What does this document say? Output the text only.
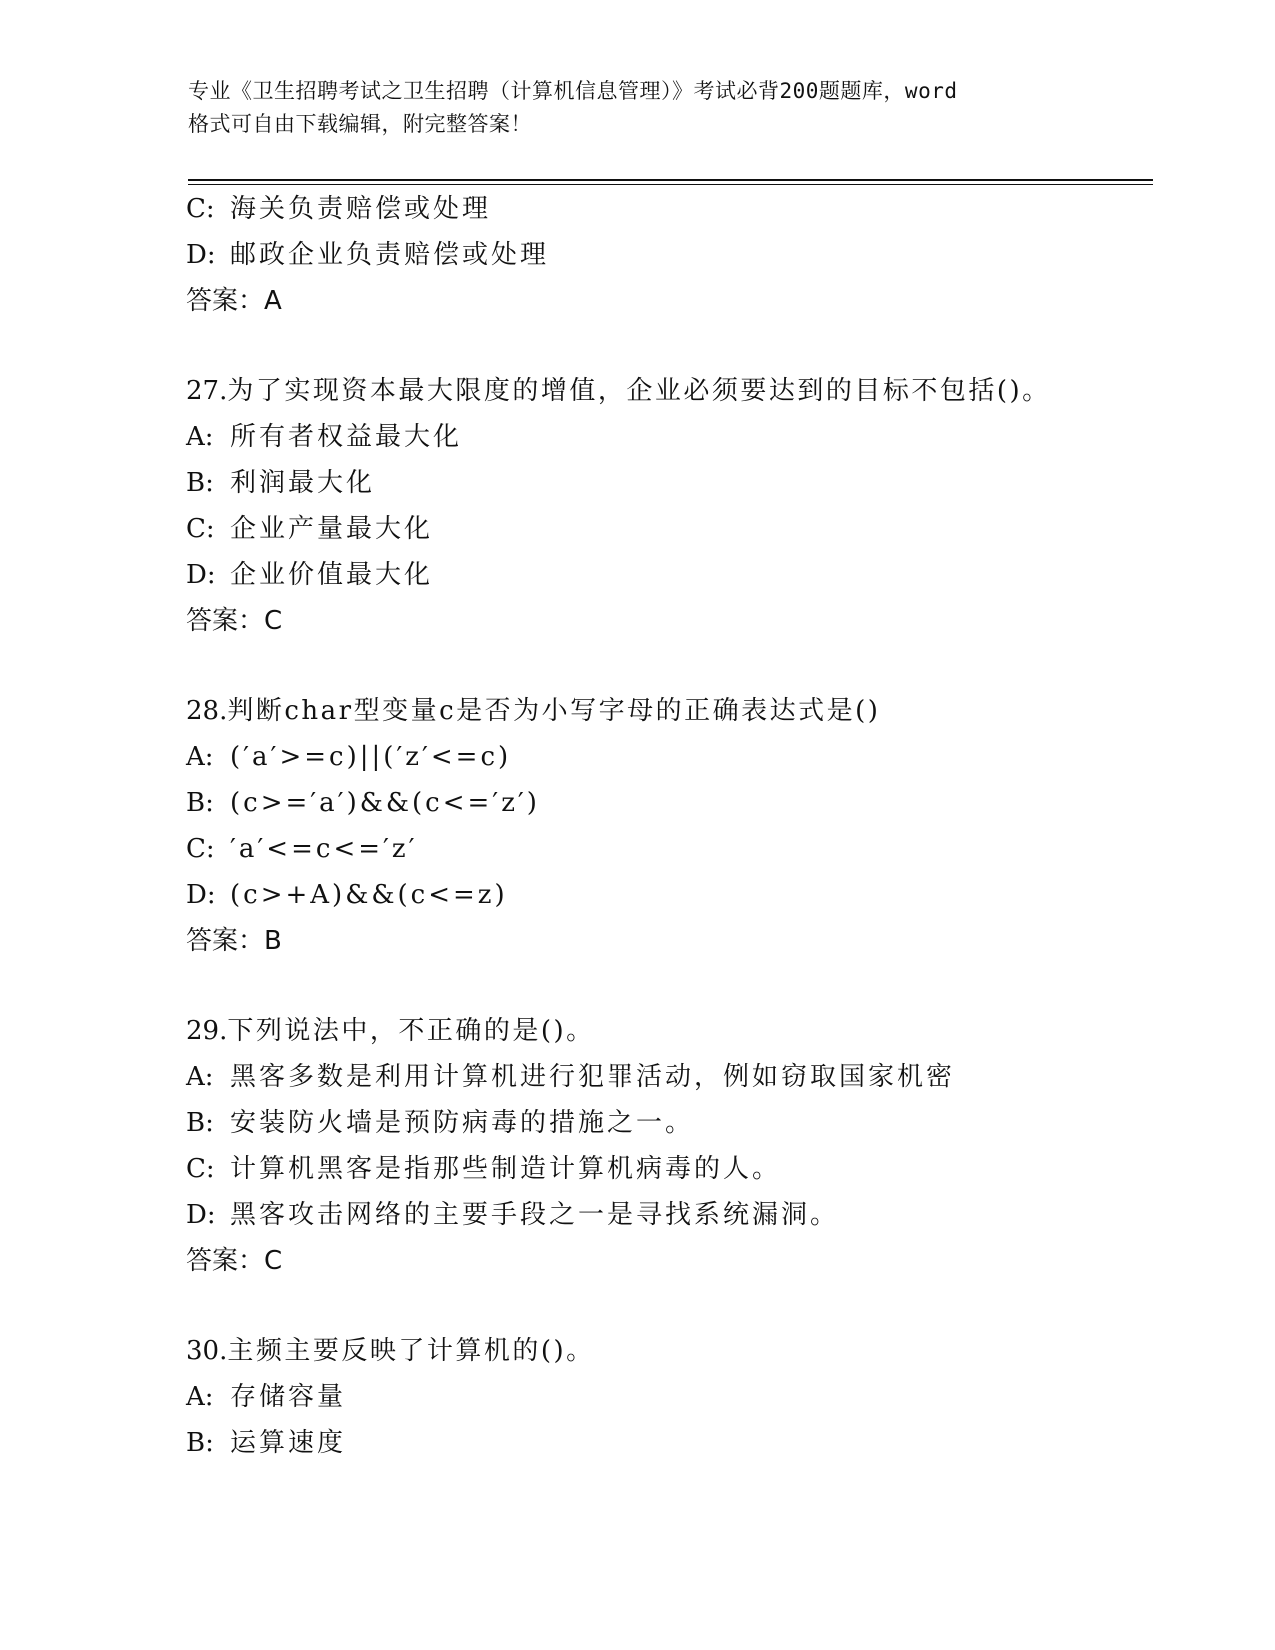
专业《卫生招聘考试之卫生招聘（计算机信息管理）》考试必背200题题库，word
格式可自由下载编辑，附完整答案！
C: 海关负责赔偿或处理
D: 邮政企业负责赔偿或处理
答案：A
27.为了实现资本最大限度的增值，企业必须要达到的目标不包括()。
A: 所有者权益最大化
B: 利润最大化
C: 企业产量最大化
D: 企业价值最大化
答案：C
28.判断char型变量c是否为小写字母的正确表达式是()
A: (′a′>=c)||(′z′<=c)
B: (c>=′a′)&&(c<=′z′)
C: ′a′<=c<=′z′
D: (c>+A)&&(c<=z)
答案：B
29.下列说法中，不正确的是()。
A: 黑客多数是利用计算机进行犯罪活动，例如窃取国家机密
B: 安装防火墙是预防病毒的措施之一。
C: 计算机黑客是指那些制造计算机病毒的人。
D: 黑客攻击网络的主要手段之一是寻找系统漏洞。
答案：C
30.主频主要反映了计算机的()。
A: 存储容量
B: 运算速度
